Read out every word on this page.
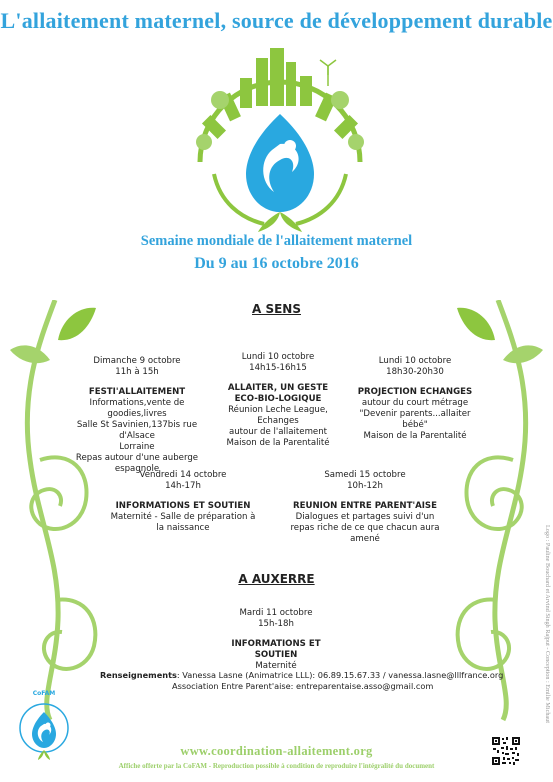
L'allaitement maternel, source de développement durable
Semaine mondiale de l'allaitement maternel
Du 9 au 16 octobre 2016
A SENS
Dimanche 9 octobre
11h à 15h
FESTI'ALLAITEMENT
Informations,vente de goodies,livres
Salle St Savinien,137bis rue d'Alsace
Lorraine
Repas autour d'une auberge espagnole
Lundi 10 octobre
14h15-16h15
ALLAITER, UN GESTE
ECO-BIO-LOGIQUE
Réunion Leche League, Echanges
autour de l'allaitement
Maison de la Parentalité
Lundi 10 octobre
18h30-20h30
PROJECTION ECHANGES
autour du court métrage
"Devenir parents...allaiter bébé"
Maison de la Parentalité
Vendredi 14 octobre
14h-17h
INFORMATIONS ET SOUTIEN
Maternité - Salle de préparation à
la naissance
Samedi 15 octobre
10h-12h
REUNION ENTRE PARENT'AISE
Dialogues et partages suivi d'un
repas riche de ce que chacun aura
amené
A AUXERRE
Mardi 11 octobre
15h-18h
INFORMATIONS ET
SOUTIEN
Maternité
Renseignements: Vanessa Lasne (Animatrice LLL): 06.89.15.67.33 / vanessa.lasne@lllfrance.org
Association Entre Parent'aise: entreparentaise.asso@gmail.com
CoFAM
www.coordination-allaitement.org
Affiche offerte par la CoFAM - Reproduction possible à condition de reproduire l'intégralité du document
Logo : Pauline Bouchard et Arvind Singh Rajput - Conception : Emilie Michaut
